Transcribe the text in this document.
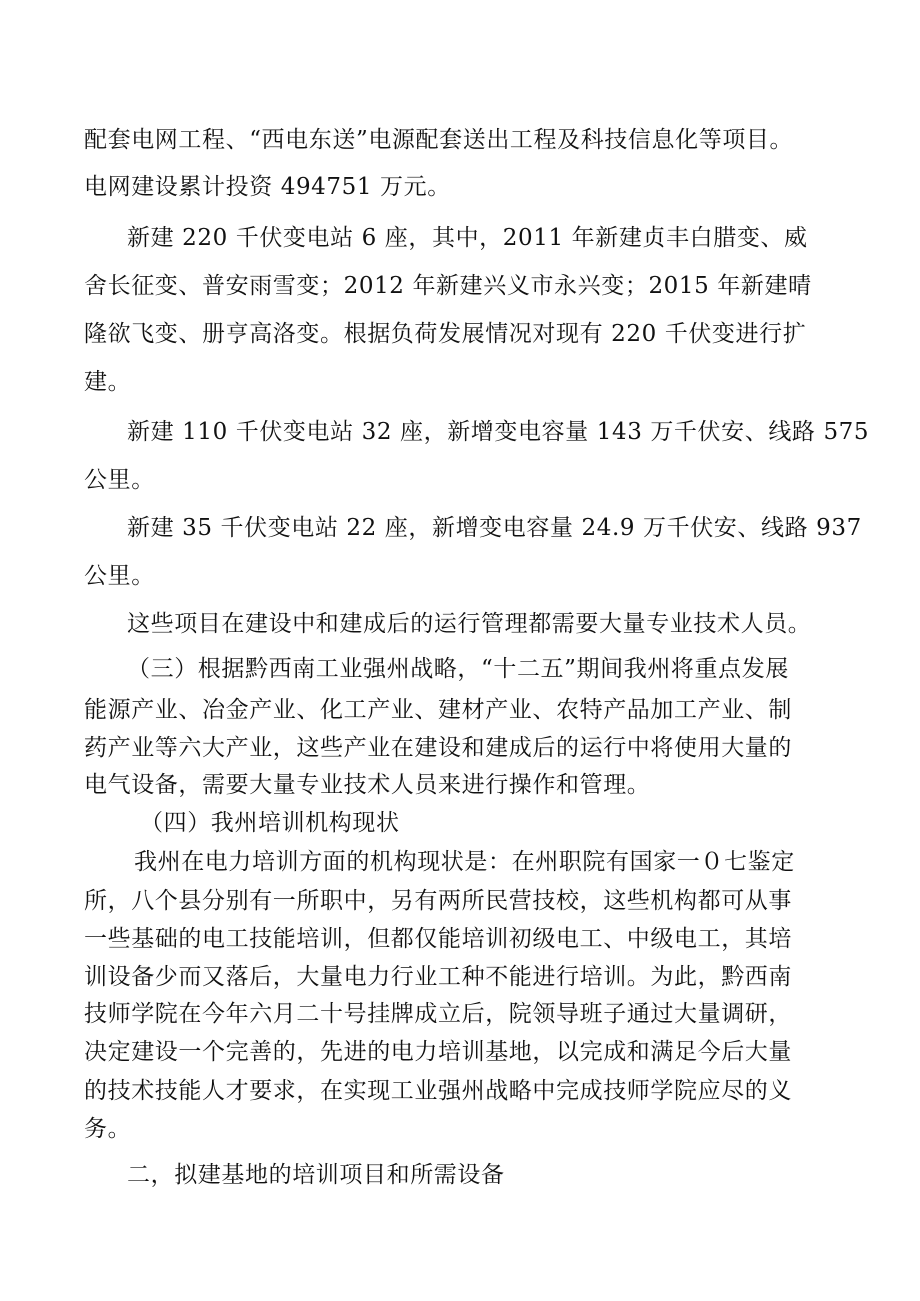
配套电网工程、“西电东送”电源配套送出工程及科技信息化等项目。
电网建设累计投资 494751 万元。
新建 220 千伏变电站 6 座，其中，2011 年新建贞丰白腊变、威
舍长征变、普安雨雪变；2012 年新建兴义市永兴变；2015 年新建晴
隆欲飞变、册亨高洛变。根据负荷发展情况对现有 220 千伏变进行扩
建。
新建 110 千伏变电站 32 座，新增变电容量 143 万千伏安、线路 575
公里。
新建 35 千伏变电站 22 座，新增变电容量 24.9 万千伏安、线路 937
公里。
这些项目在建设中和建成后的运行管理都需要大量专业技术人员。
（三）根据黔西南工业强州战略，“十二五”期间我州将重点发展
能源产业、冶金产业、化工产业、建材产业、农特产品加工产业、制
药产业等六大产业，这些产业在建设和建成后的运行中将使用大量的
电气设备，需要大量专业技术人员来进行操作和管理。
（四）我州培训机构现状
我州在电力培训方面的机构现状是：在州职院有国家一０七鉴定
所，八个县分别有一所职中，另有两所民营技校，这些机构都可从事
一些基础的电工技能培训，但都仅能培训初级电工、中级电工，其培
训设备少而又落后，大量电力行业工种不能进行培训。为此，黔西南
技师学院在今年六月二十号挂牌成立后，院领导班子通过大量调研，
决定建设一个完善的，先进的电力培训基地，以完成和满足今后大量
的技术技能人才要求，在实现工业强州战略中完成技师学院应尽的义
务。
二，拟建基地的培训项目和所需设备
